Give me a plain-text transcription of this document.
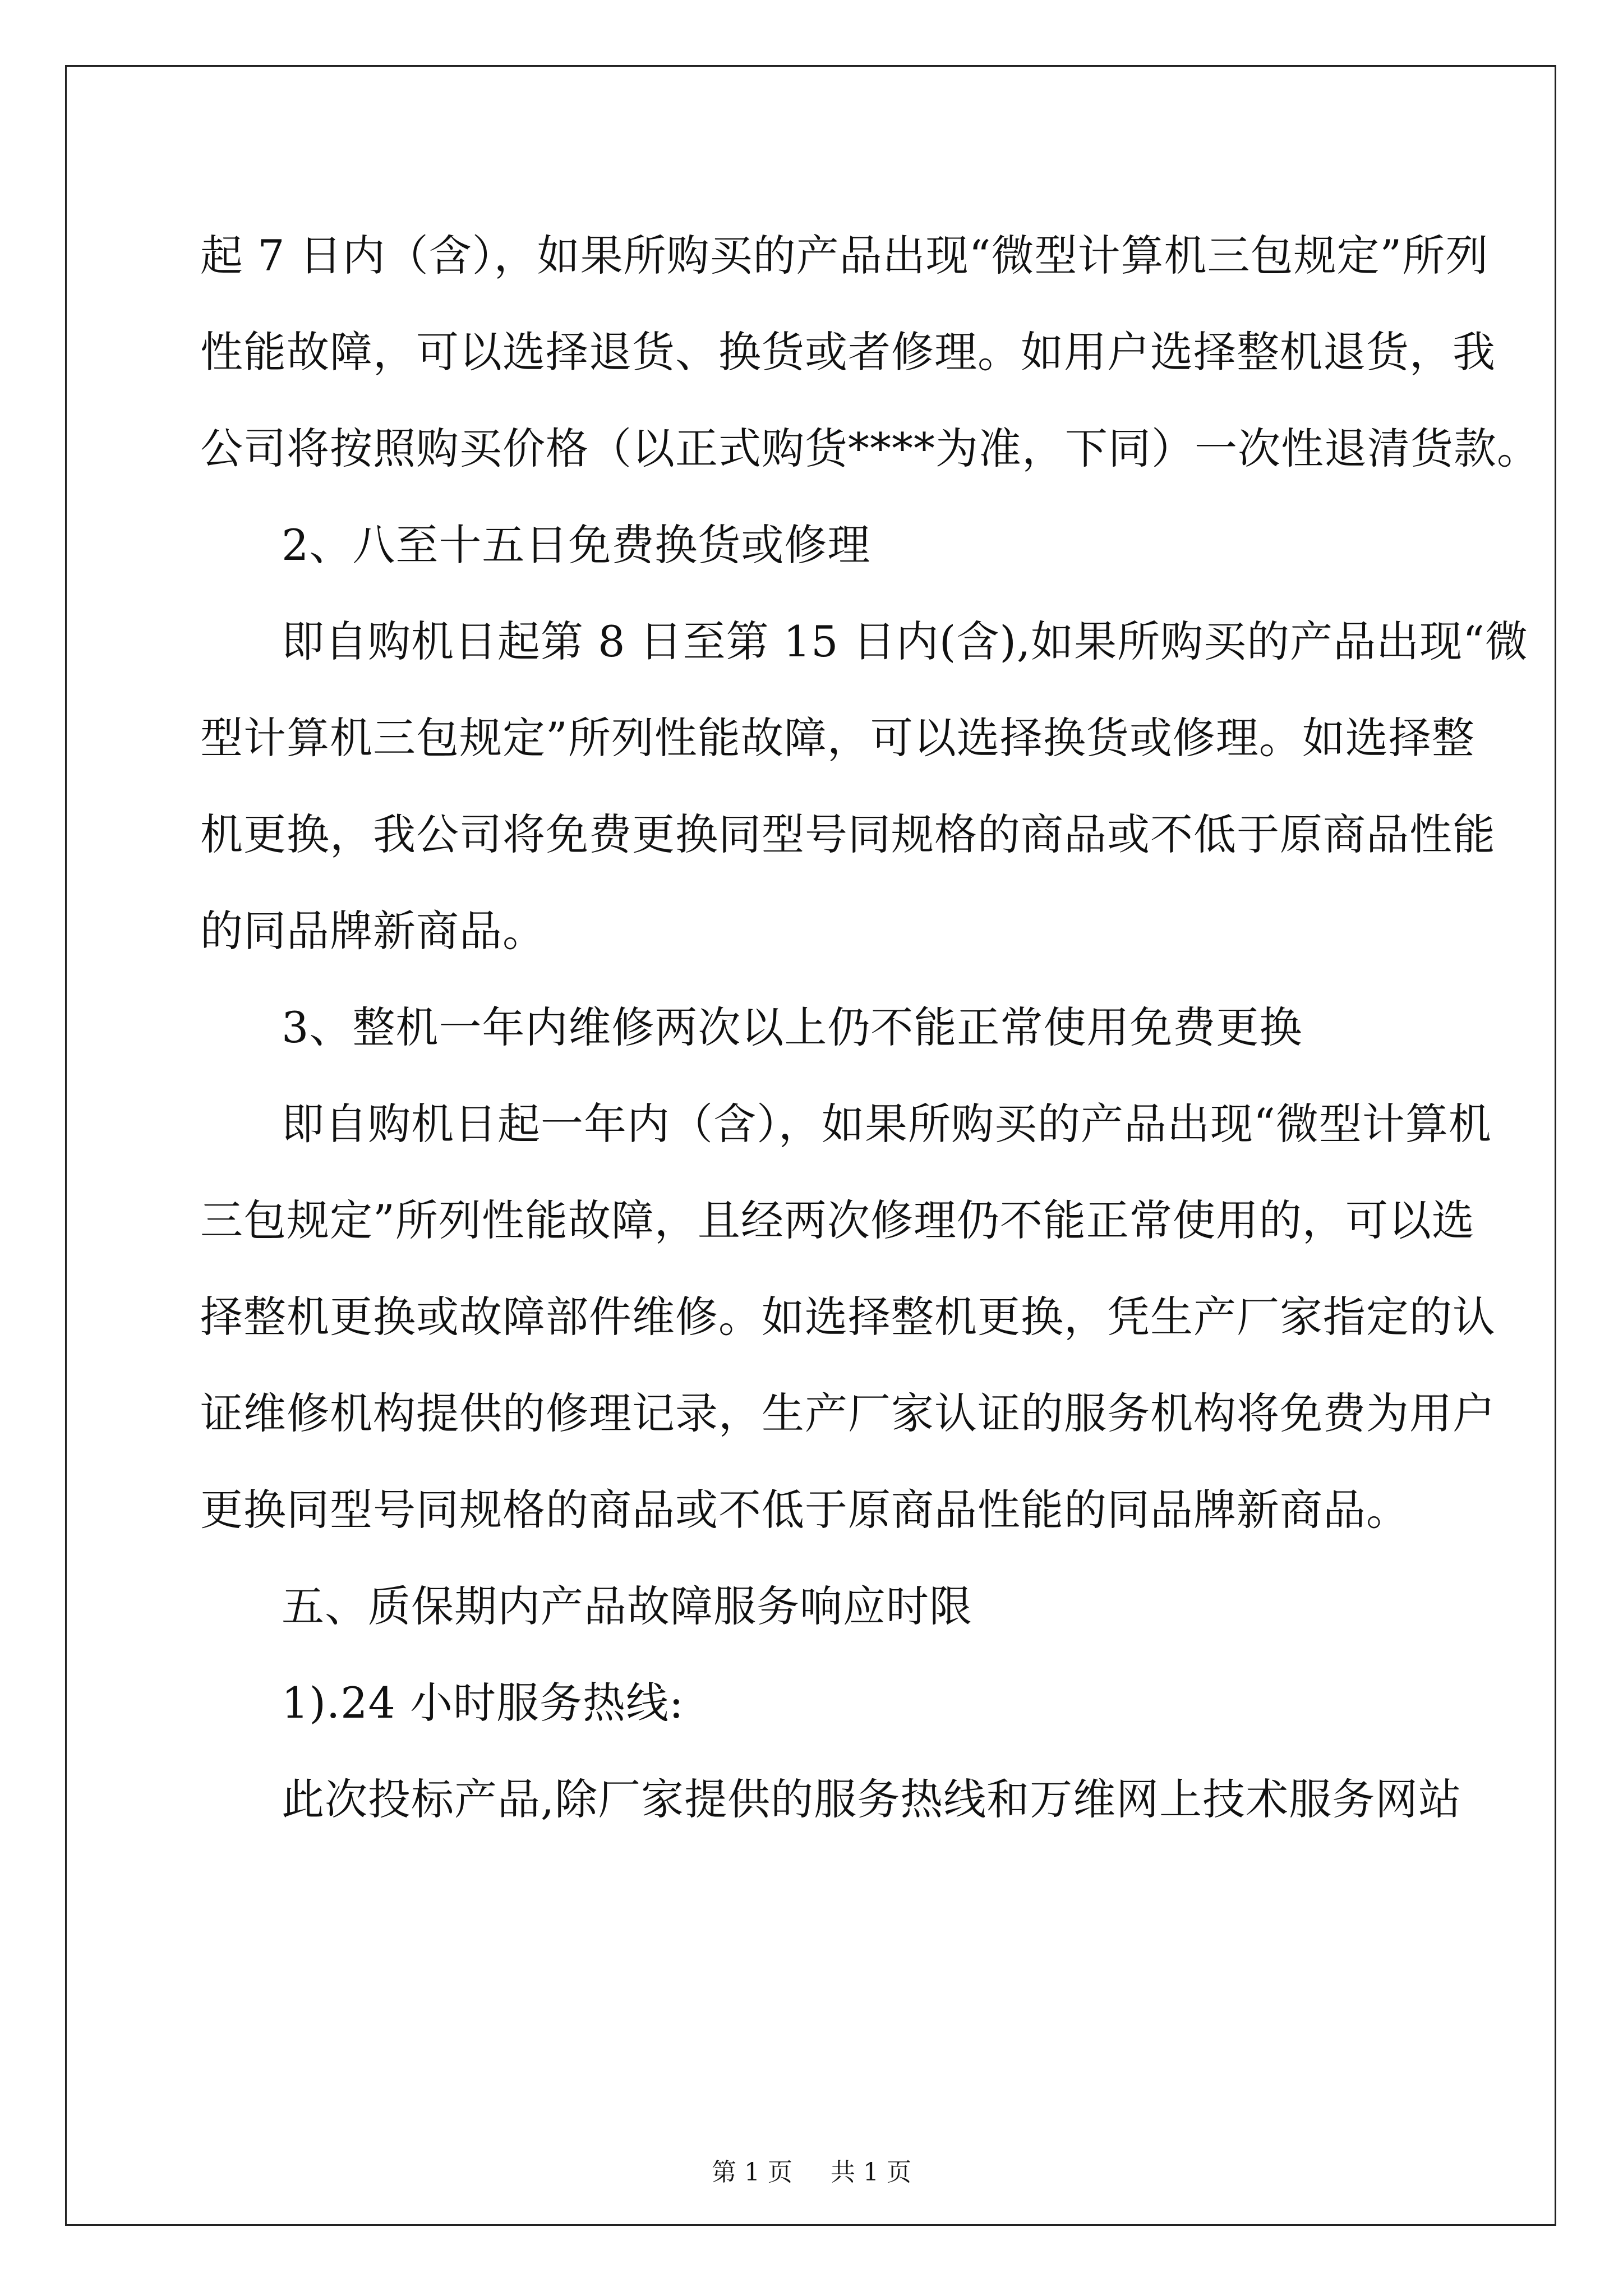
起 7 日内（含），如果所购买的产品出现“微型计算机三包规定”所列
性能故障，可以选择退货、换货或者修理。如用户选择整机退货，我
公司将按照购买价格（以正式购货****为准，下同）一次性退清货款。
2、八至十五日免费换货或修理
即自购机日起第 8 日至第 15 日内(含),如果所购买的产品出现“微
型计算机三包规定”所列性能故障，可以选择换货或修理。如选择整
机更换，我公司将免费更换同型号同规格的商品或不低于原商品性能
的同品牌新商品。
3、整机一年内维修两次以上仍不能正常使用免费更换
即自购机日起一年内（含），如果所购买的产品出现“微型计算机
三包规定”所列性能故障，且经两次修理仍不能正常使用的，可以选
择整机更换或故障部件维修。如选择整机更换，凭生产厂家指定的认
证维修机构提供的修理记录，生产厂家认证的服务机构将免费为用户
更换同型号同规格的商品或不低于原商品性能的同品牌新商品。
五、质保期内产品故障服务响应时限
1).24 小时服务热线:
此次投标产品,除厂家提供的服务热线和万维网上技术服务网站
第 1 页 共 1 页
